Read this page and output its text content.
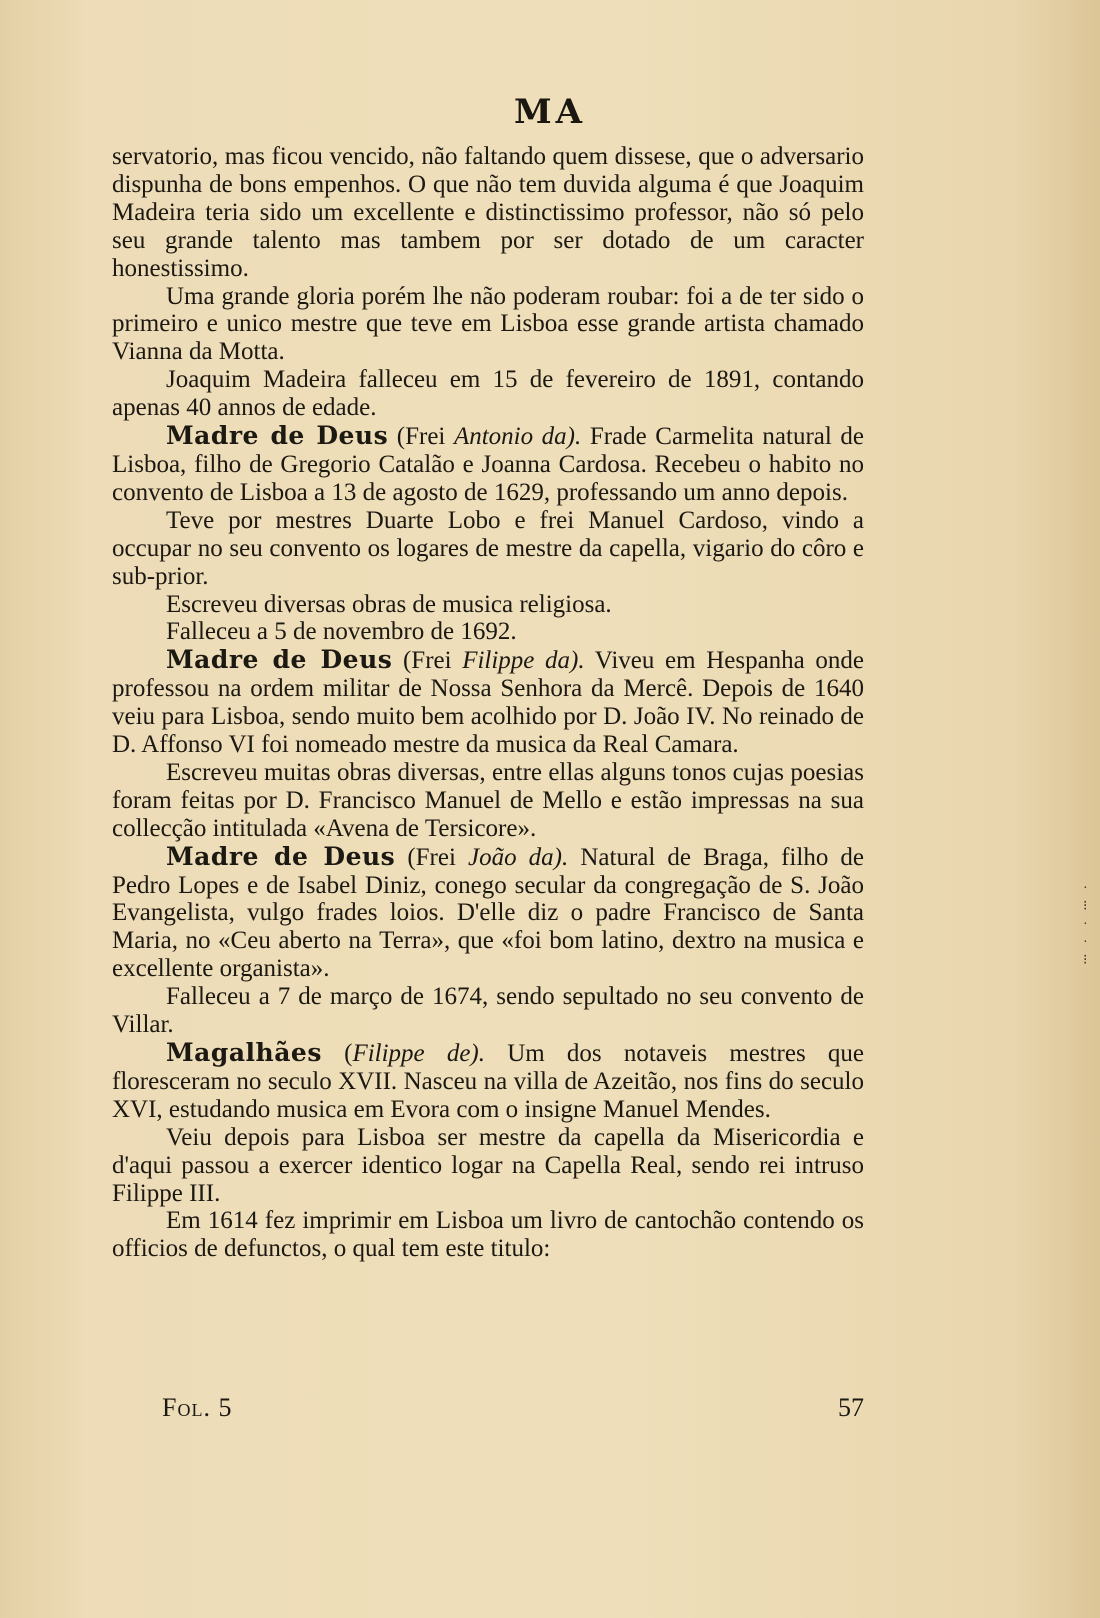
MA

servatorio, mas ficou vencido, não faltando quem dissese, que o adversario dispunha de bons empenhos. O que não tem duvida alguma é que Joaquim Madeira teria sido um excellente e distinctissimo professor, não só pelo seu grande talento mas tambem por ser dotado de um caracter honestissimo.

Uma grande gloria porém lhe não poderam roubar: foi a de ter sido o primeiro e unico mestre que teve em Lisboa esse grande artista chamado Vianna da Motta.

Joaquim Madeira falleceu em 15 de fevereiro de 1891, contando apenas 40 annos de edade.

Madre de Deus (Frei Antonio da). Frade Carmelita natural de Lisboa, filho de Gregorio Catalão e Joanna Cardosa. Recebeu o habito no convento de Lisboa a 13 de agosto de 1629, professando um anno depois.

Teve por mestres Duarte Lobo e frei Manuel Cardoso, vindo a occupar no seu convento os logares de mestre da capella, vigario do côro e sub-prior.

Escreveu diversas obras de musica religiosa.

Falleceu a 5 de novembro de 1692.

Madre de Deus (Frei Filippe da). Viveu em Hespanha onde professou na ordem militar de Nossa Senhora da Mercê. Depois de 1640 veiu para Lisboa, sendo muito bem acolhido por D. João IV. No reinado de D. Affonso VI foi nomeado mestre da musica da Real Camara.

Escreveu muitas obras diversas, entre ellas alguns tonos cujas poesias foram feitas por D. Francisco Manuel de Mello e estão impressas na sua collecção intitulada «Avena de Tersicore».

Madre de Deus (Frei João da). Natural de Braga, filho de Pedro Lopes e de Isabel Diniz, conego secular da congregação de S. João Evangelista, vulgo frades loios. D'elle diz o padre Francisco de Santa Maria, no «Ceu aberto na Terra», que «foi bom latino, dextro na musica e excellente organista».

Falleceu a 7 de março de 1674, sendo sepultado no seu convento de Villar.

Magalhães (Filippe de). Um dos notaveis mestres que floresceram no seculo XVII. Nasceu na villa de Azeitão, nos fins do seculo XVI, estudando musica em Evora com o insigne Manuel Mendes.

Veiu depois para Lisboa ser mestre da capella da Misericordia e d'aqui passou a exercer identico logar na Capella Real, sendo rei intruso Filippe III.

Em 1614 fez imprimir em Lisboa um livro de cantochão contendo os officios de defunctos, o qual tem este titulo:

Fol. 5	57
·
⁝
·
·
⁝
